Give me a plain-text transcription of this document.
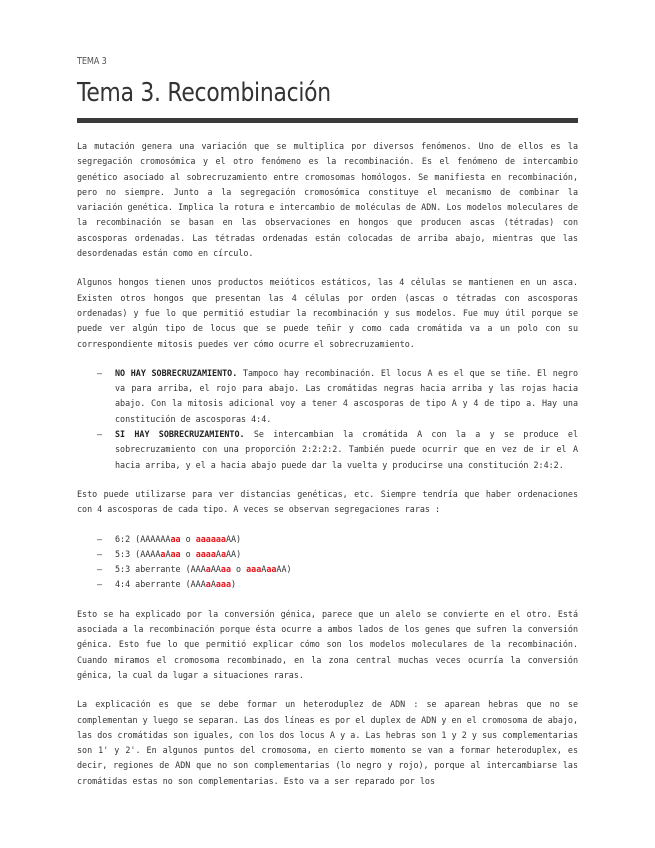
TEMA 3
Tema 3. Recombinación

La mutación genera una variación que se multiplica por diversos fenómenos. Uno de ellos es la segregación cromosómica y el otro fenómeno es la recombinación. Es el fenómeno de intercambio genético asociado al sobrecruzamiento entre cromosomas homólogos. Se manifiesta en recombinación, pero no siempre. Junto a la segregación cromosómica constituye el mecanismo de combinar la variación genética. Implica la rotura e intercambio de moléculas de ADN. Los modelos moleculares de la recombinación se basan en las observaciones en hongos que producen ascas (tétradas) con ascosporas ordenadas. Las tétradas ordenadas están colocadas de arriba abajo, mientras que las desordenadas están como en círculo.

Algunos hongos tienen unos productos meióticos estáticos, las 4 células se mantienen en un asca. Existen otros hongos que presentan las 4 células por orden (ascas o tétradas con ascosporas ordenadas) y fue lo que permitió estudiar la recombinación y sus modelos. Fue muy útil porque se puede ver algún tipo de locus que se puede teñir y como cada cromátida va a un polo con su correspondiente mitosis puedes ver cómo ocurre el sobrecruzamiento.

– NO HAY SOBRECRUZAMIENTO. Tampoco hay recombinación. El locus A es el que se tiñe. El negro va para arriba, el rojo para abajo. Las cromátidas negras hacia arriba y las rojas hacia abajo. Con la mitosis adicional voy a tener 4 ascosporas de tipo A y 4 de tipo a. Hay una constitución de ascosporas 4:4.
– SI HAY SOBRECRUZAMIENTO. Se intercambian la cromátida A con la a y se produce el sobrecruzamiento con una proporción 2:2:2:2. También puede ocurrir que en vez de ir el A hacia arriba, y el a hacia abajo puede dar la vuelta y producirse una constitución 2:4:2.

Esto puede utilizarse para ver distancias genéticas, etc. Siempre tendría que haber ordenaciones con 4 ascosporas de cada tipo. A veces se observan segregaciones raras :

– 6:2 (AAAAAAaa o aaaaaaAA)
– 5:3 (AAAAaAaa o aaaaAaAA)
– 5:3 aberrante (AAAaAAaa o aaaAaaAA)
– 4:4 aberrante (AAAaAaaa)

Esto se ha explicado por la conversión génica, parece que un alelo se convierte en el otro. Está asociada a la recombinación porque ésta ocurre a ambos lados de los genes que sufren la conversión génica. Esto fue lo que permitió explicar cómo son los modelos moleculares de la recombinación. Cuando miramos el cromosoma recombinado, en la zona central muchas veces ocurría la conversión génica, la cual da lugar a situaciones raras.

La explicación es que se debe formar un heteroduplez de ADN : se aparean hebras que no se complementan y luego se separan. Las dos líneas es por el duplex de ADN y en el cromosoma de abajo, las dos cromátidas son iguales, con los dos locus A y a. Las hebras son 1 y 2 y sus complementarias son 1' y 2'. En algunos puntos del cromosoma, en cierto momento se van a formar heteroduplex, es decir, regiones de ADN que no son complementarias (lo negro y rojo), porque al intercambiarse las cromátidas estas no son complementarias. Esto va a ser reparado por los
